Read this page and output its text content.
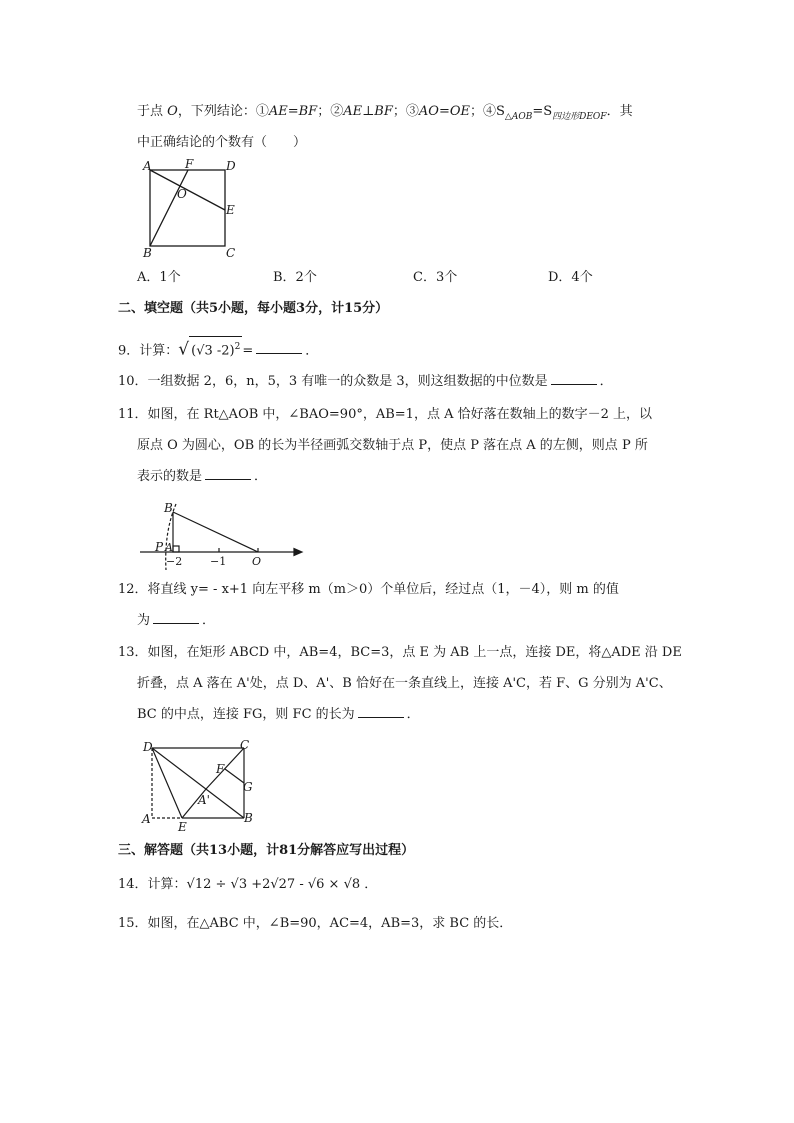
于点 O，下列结论：①AE=BF；②AE⊥BF；③AO=OE；$④S_{\triangle AOB}=S_{四边形DEOF}$．其
中正确结论的个数有（　　）
A	F	D
O
E
B	C
A．1个	B．2个	C．3个	D．4个
二、填空题（共5小题，每小题3分，计15分）
9．计算：√ (√3 -2)$^2$ =	．
10．一组数据 2，6，n，5，3 有唯一的众数是 3，则这组数据的中位数是	．
11．如图，在 Rt△AOB 中，∠BAO=90°，AB=1，点 A 恰好落在数轴上的数字－2 上，以
原点 O 为圆心，OB 的长为半径画弧交数轴于点 P，使点 P 落在点 A 的左侧，则点 P 所
表示的数是	．
B
P A
−2	−1 O
12．将直线 y= - x+1 向左平移 m（m＞0）个单位后，经过点（1，－4），则 m 的值
为	．
13．如图，在矩形 ABCD 中，AB=4，BC=3，点 E 为 AB 上一点，连接 DE，将△ADE 沿 DE
折叠，点 A 落在 A'处，点 D、A'、B 恰好在一条直线上，连接 A'C，若 F、G 分别为 A'C、
BC 的中点，连接 FG，则 FC 的长为	．
D	C
F
G
A'
A
E
B
三、解答题（共13小题，计81分解答应写出过程）
14．计算：√12 ÷ √3 +2√27 - √6 × √8 ．
15．如图，在△ABC 中，∠B=90，AC=4，AB=3，求 BC 的长．
